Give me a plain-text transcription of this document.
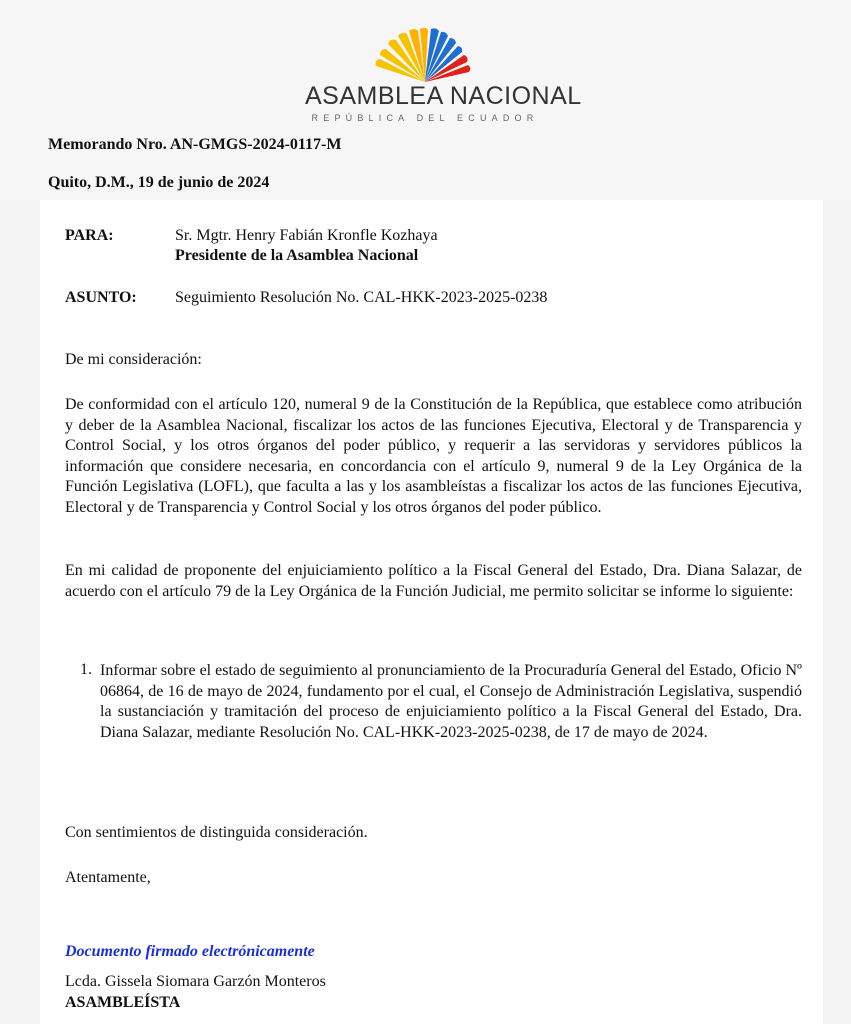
ASAMBLEA NACIONAL
REPÚBLICA DEL ECUADOR
Memorando Nro. AN-GMGS-2024-0117-M
Quito, D.M., 19 de junio de 2024
PARA:	Sr. Mgtr. Henry Fabián Kronfle Kozhaya
Presidente de la Asamblea Nacional
ASUNTO: Seguimiento Resolución No. CAL-HKK-2023-2025-0238
De mi consideración:
De conformidad con el artículo 120, numeral 9 de la Constitución de la República, que establece como atribución y deber de la Asamblea Nacional, fiscalizar los actos de las funciones Ejecutiva, Electoral y de Transparencia y Control Social, y los otros órganos del poder público, y requerir a las servidoras y servidores públicos la información que considere necesaria, en concordancia con el artículo 9, numeral 9 de la Ley Orgánica de la Función Legislativa (LOFL), que faculta a las y los asambleístas a fiscalizar los actos de las funciones Ejecutiva, Electoral y de Transparencia y Control Social y los otros órganos del poder público.
En mi calidad de proponente del enjuiciamiento político a la Fiscal General del Estado, Dra. Diana Salazar, de acuerdo con el artículo 79 de la Ley Orgánica de la Función Judicial, me permito solicitar se informe lo siguiente:
1. Informar sobre el estado de seguimiento al pronunciamiento de la Procuraduría General del Estado, Oficio Nº 06864, de 16 de mayo de 2024, fundamento por el cual, el Consejo de Administración Legislativa, suspendió la sustanciación y tramitación del proceso de enjuiciamiento político a la Fiscal General del Estado, Dra. Diana Salazar, mediante Resolución No. CAL-HKK-2023-2025-0238, de 17 de mayo de 2024.
Con sentimientos de distinguida consideración.
Atentamente,
Documento firmado electrónicamente
Lcda. Gissela Siomara Garzón Monteros
ASAMBLEÍSTA
